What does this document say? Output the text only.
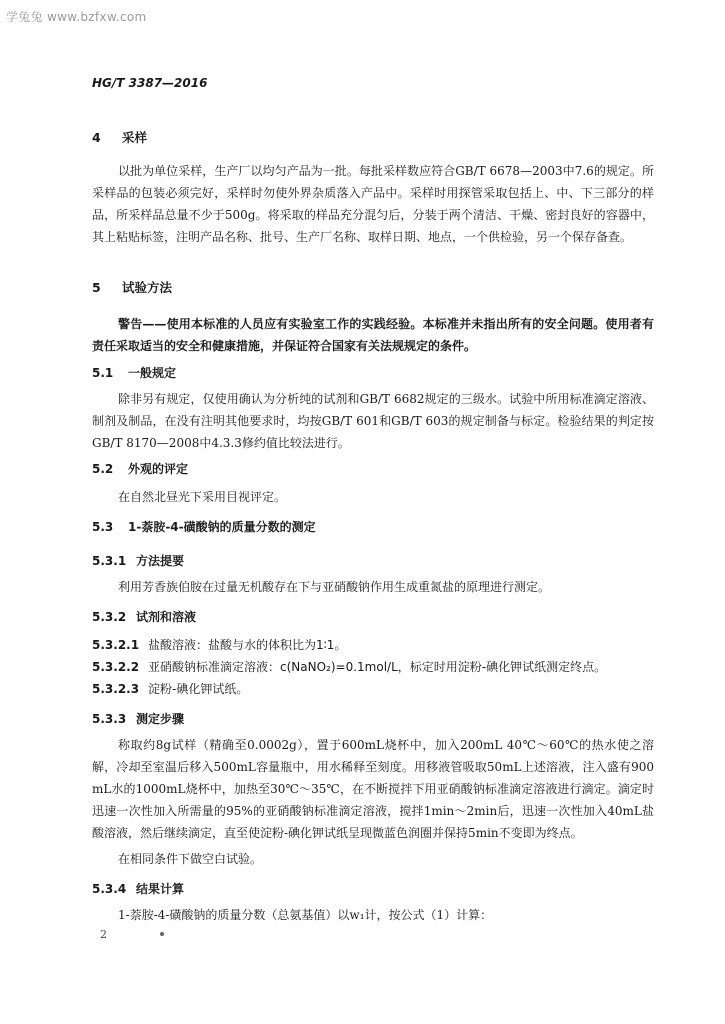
学兔兔 www.bzfxw.com
HG/T 3387—2016
4 采样
以批为单位采样，生产厂以均匀产品为一批。每批采样数应符合GB/T 6678—2003中7.6的规定。所采样品的包装必须完好，采样时勿使外界杂质落入产品中。采样时用探管采取包括上、中、下三部分的样品，所采样品总量不少于500g。将采取的样品充分混匀后，分装于两个清洁、干燥、密封良好的容器中，其上粘贴标签，注明产品名称、批号、生产厂名称、取样日期、地点，一个供检验，另一个保存备查。
5 试验方法
警告——使用本标准的人员应有实验室工作的实践经验。本标准并未指出所有的安全问题。使用者有责任采取适当的安全和健康措施，并保证符合国家有关法规规定的条件。
5.1 一般规定
除非另有规定，仅使用确认为分析纯的试剂和GB/T 6682规定的三级水。试验中所用标准滴定溶液、制剂及制品，在没有注明其他要求时，均按GB/T 601和GB/T 603的规定制备与标定。检验结果的判定按GB/T 8170—2008中4.3.3修约值比较法进行。
5.2 外观的评定
在自然北昼光下采用目视评定。
5.3 1-萘胺-4-磺酸钠的质量分数的测定
5.3.1 方法提要
利用芳香族伯胺在过量无机酸存在下与亚硝酸钠作用生成重氮盐的原理进行测定。
5.3.2 试剂和溶液
5.3.2.1 盐酸溶液：盐酸与水的体积比为1∶1。
5.3.2.2 亚硝酸钠标准滴定溶液：c(NaNO₂)=0.1mol/L，标定时用淀粉-碘化钾试纸测定终点。
5.3.2.3 淀粉-碘化钾试纸。
5.3.3 测定步骤
称取约8g试样（精确至0.0002g），置于600mL烧杯中，加入200mL 40℃～60℃的热水使之溶解，冷却至室温后移入500mL容量瓶中，用水稀释至刻度。用移液管吸取50mL上述溶液，注入盛有900mL水的1000mL烧杯中，加热至30℃～35℃，在不断搅拌下用亚硝酸钠标准滴定溶液进行滴定。滴定时迅速一次性加入所需量的95%的亚硝酸钠标准滴定溶液，搅拌1min～2min后，迅速一次性加入40mL盐酸溶液，然后继续滴定，直至使淀粉-碘化钾试纸呈现微蓝色润圈并保持5min不变即为终点。
在相同条件下做空白试验。
5.3.4 结果计算
1-萘胺-4-磺酸钠的质量分数（总氨基值）以w₁计，按公式（1）计算：
2
